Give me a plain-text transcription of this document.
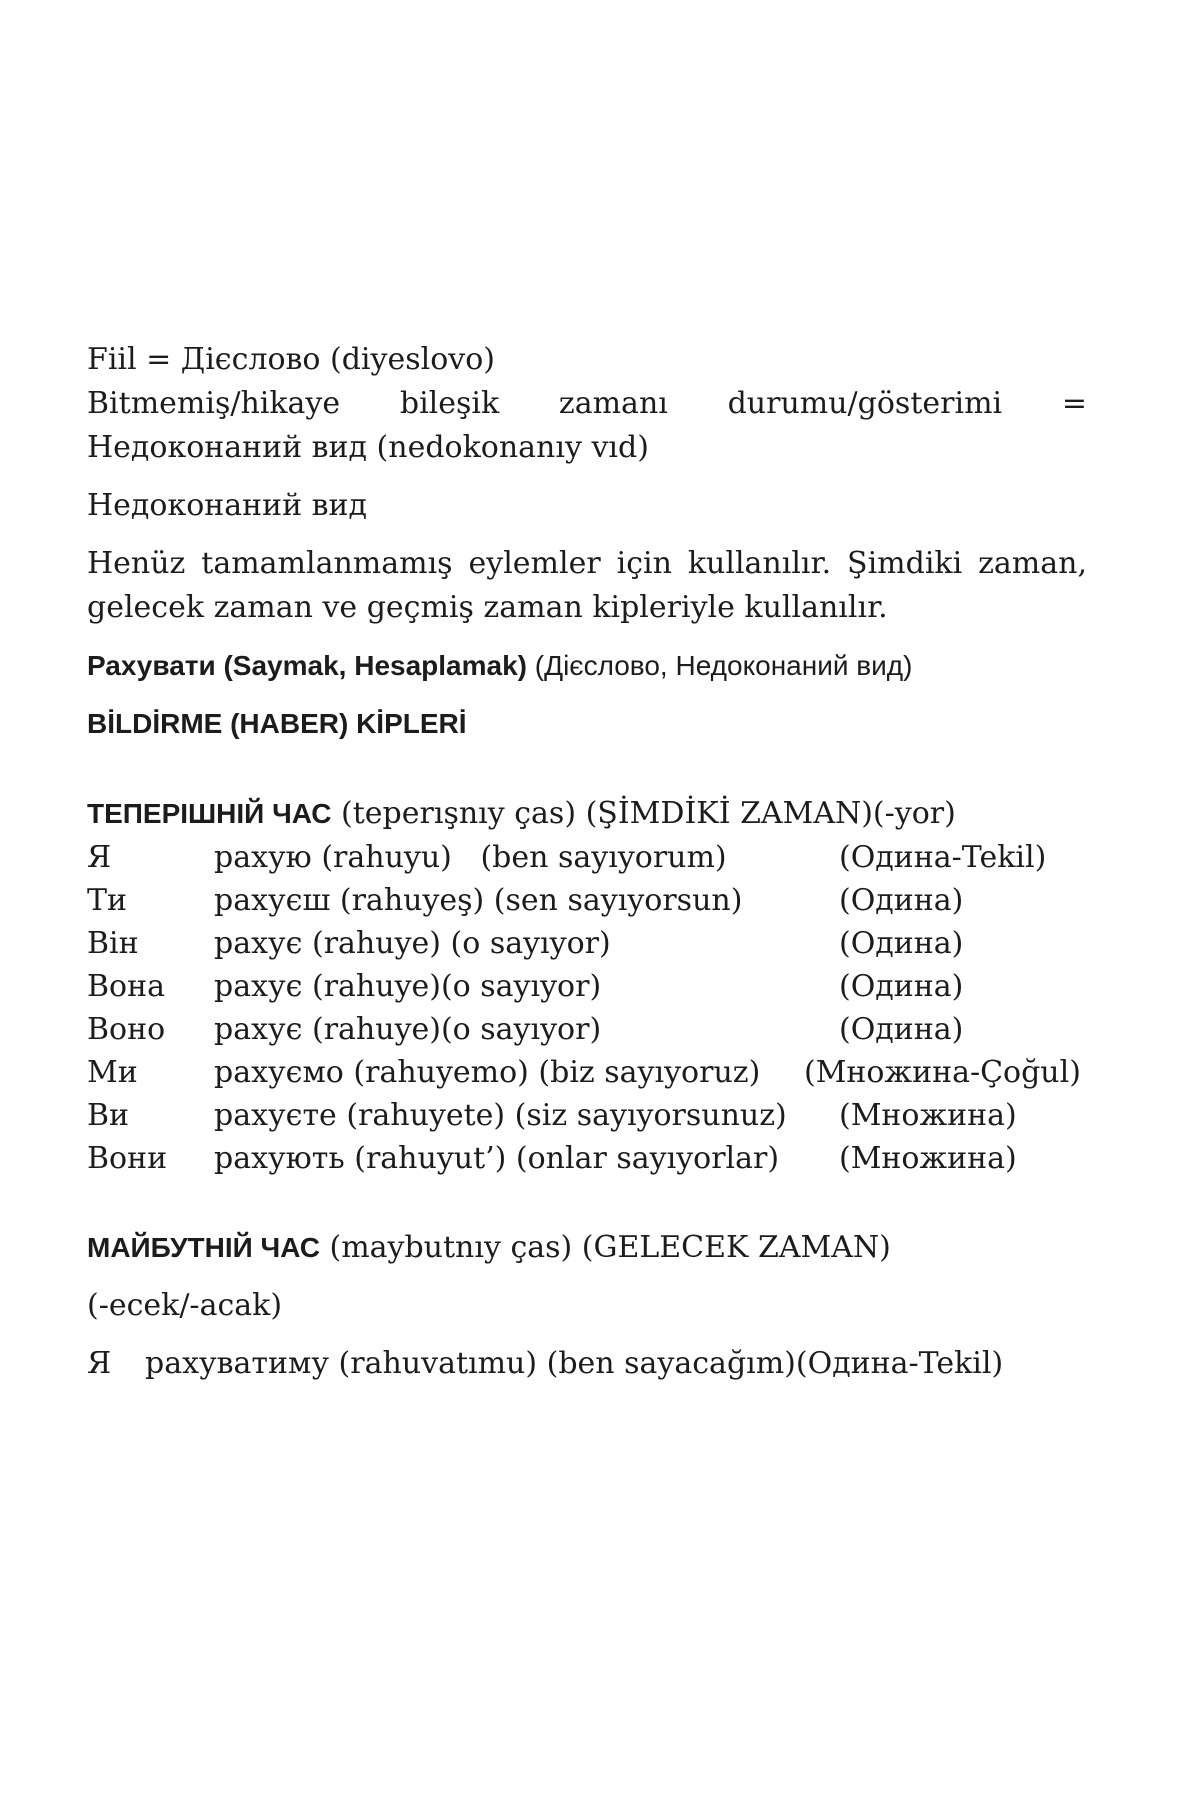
Fiil = Дієслово (diyeslovo)

Bitmemiş/hikaye bileşik zamanı durumu/gösterimi = Недоконаний вид (nedokonanıy vıd)

Недоконаний вид

Henüz tamamlanmamış eylemler için kullanılır. Şimdiki zaman, gelecek zaman ve geçmiş zaman kipleriyle kullanılır.

Рахувати (Saymak, Hesaplamak) (Дієслово, Недоконаний вид)

BİLDİRME (HABER) KİPLERİ

ТЕПЕРІШНІЙ ЧАС (teperışnıy ças) (ŞİMDİKİ ZAMAN)(-yor)

Я	рахую (rahuyu)   (ben sayıyorum)	(Одина-Tekil)
Ти	рахуєш (rahuyeş) (sen sayıyorsun)	(Одина)
Він	рахує (rahuye) (o sayıyor)	(Одина)
Вона	рахує (rahuye)(o sayıyor)	(Одина)
Воно	рахує (rahuye)(o sayıyor)	(Одина)
Ми	рахуємо (rahuyemo) (biz sayıyoruz)	(Множина-Çoğul)
Ви	рахуєте (rahuyete) (siz sayıyorsunuz)	(Множина)
Вони	рахують (rahuyut’) (onlar sayıyorlar)	(Множина)

МАЙБУТНІЙ ЧАС (maybutnıy ças) (GELECEK ZAMAN)

(-ecek/-acak)

Я	рахуватиму (rahuvatımu) (ben sayacağım)(Одина-Tekil)
